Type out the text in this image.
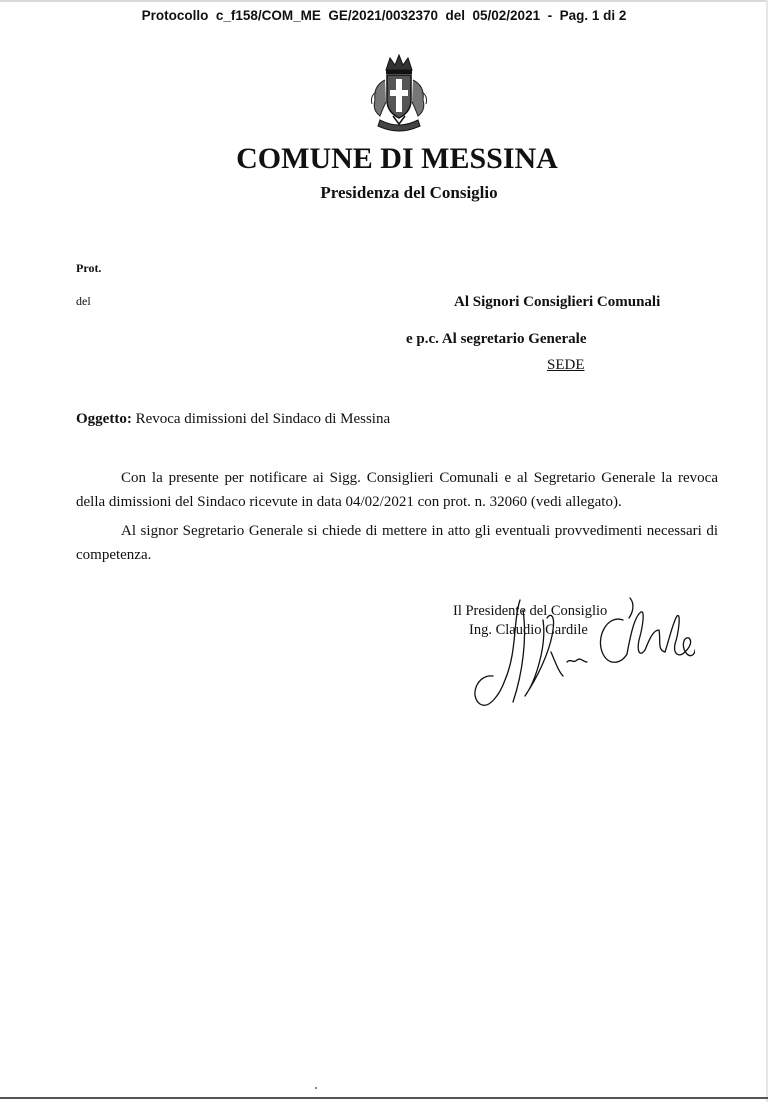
Protocollo  c_f158/COM_ME  GE/2021/0032370  del  05/02/2021  -  Pag. 1 di 2
COMUNE DI MESSINA
Presidenza del Consiglio
Prot.
del	Al Signori Consiglieri Comunali
e p.c. Al segretario Generale
SEDE
Oggetto: Revoca dimissioni del Sindaco di Messina
Con la presente per notificare ai Sigg. Consiglieri Comunali e al Segretario Generale la revoca della dimissioni del Sindaco ricevute in data 04/02/2021 con prot. n. 32060 (vedi allegato).
Al signor Segretario Generale si chiede di mettere in atto gli eventuali provvedimenti necessari di competenza.
Il Presidente del Consiglio
Ing. Claudio Cardile
